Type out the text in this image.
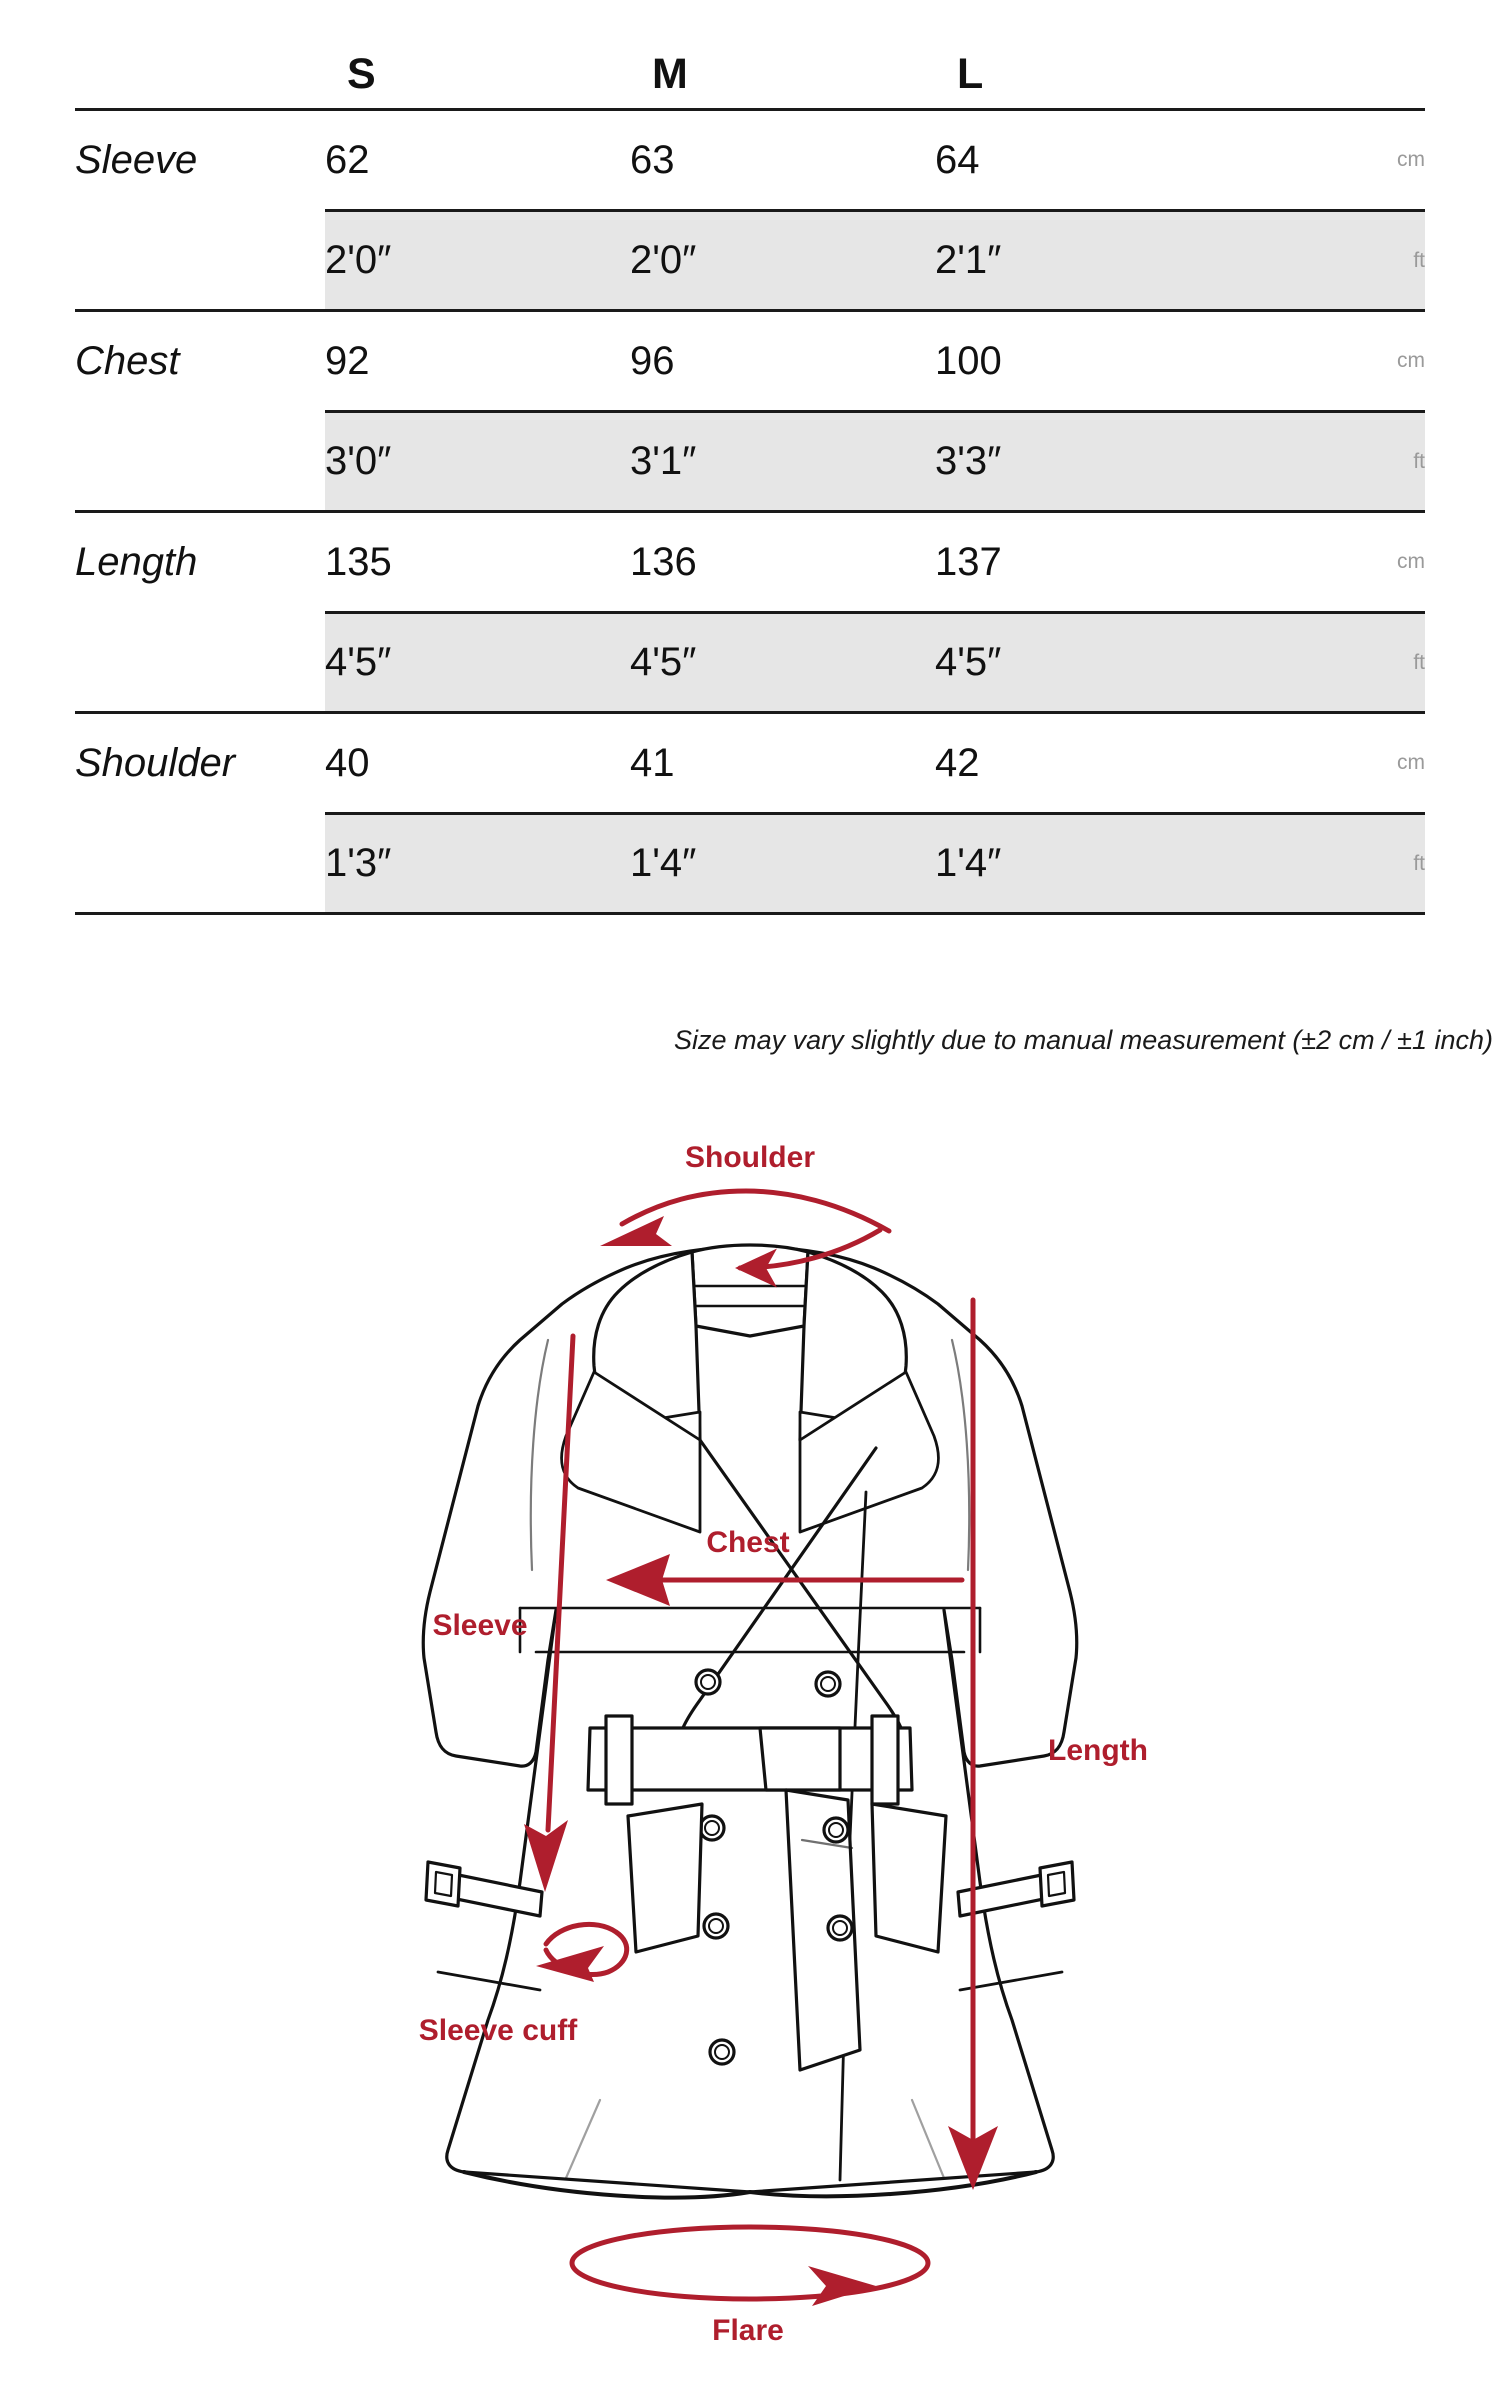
	S	M	L	
Sleeve	62	63	64	cm
	2'0″	2'0″	2'1″	ft
Chest	92	96	100	cm
	3'0″	3'1″	3'3″	ft
Length	135	136	137	cm
	4'5″	4'5″	4'5″	ft
Shoulder	40	41	42	cm
	1'3″	1'4″	1'4″	ft

Size may vary slightly due to manual measurement (±2 cm / ±1 inch)
Shoulder
Chest
Sleeve
Sleeve cuff
Length
Flare
